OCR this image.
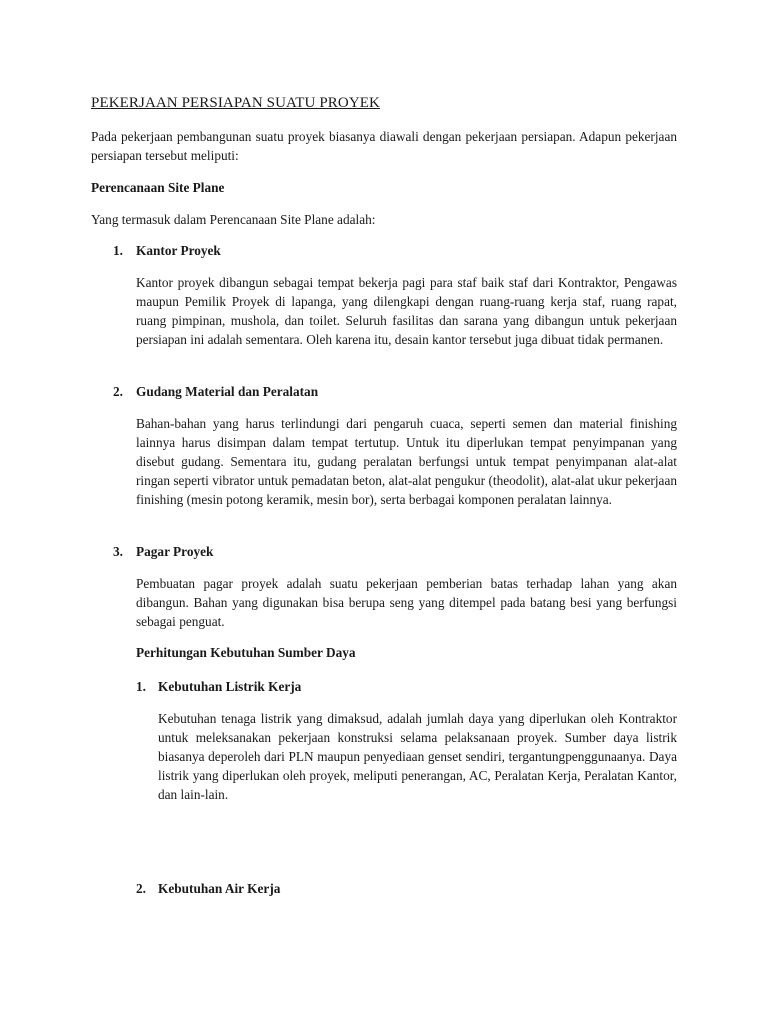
PEKERJAAN PERSIAPAN SUATU PROYEK

Pada pekerjaan pembangunan suatu proyek biasanya diawali dengan pekerjaan persiapan. Adapun pekerjaan persiapan tersebut meliputi:

Perencanaan Site Plane

Yang termasuk dalam Perencanaan Site Plane adalah:

1. Kantor Proyek

Kantor proyek dibangun sebagai tempat bekerja pagi para staf baik staf dari Kontraktor, Pengawas maupun Pemilik Proyek di lapanga, yang dilengkapi dengan ruang-ruang kerja staf, ruang rapat, ruang pimpinan, mushola, dan toilet. Seluruh fasilitas dan sarana yang dibangun untuk pekerjaan persiapan ini adalah sementara. Oleh karena itu, desain kantor tersebut juga dibuat tidak permanen.

2. Gudang Material dan Peralatan

Bahan-bahan yang harus terlindungi dari pengaruh cuaca, seperti semen dan material finishing lainnya harus disimpan dalam tempat tertutup. Untuk itu diperlukan tempat penyimpanan yang disebut gudang. Sementara itu, gudang peralatan berfungsi untuk tempat penyimpanan alat-alat ringan seperti vibrator untuk pemadatan beton, alat-alat pengukur (theodolit), alat-alat ukur pekerjaan finishing (mesin potong keramik, mesin bor), serta berbagai komponen peralatan lainnya.

3. Pagar Proyek

Pembuatan pagar proyek adalah suatu pekerjaan pemberian batas terhadap lahan yang akan dibangun. Bahan yang digunakan bisa berupa seng yang ditempel pada batang besi yang berfungsi sebagai penguat.

Perhitungan Kebutuhan Sumber Daya

1. Kebutuhan Listrik Kerja

Kebutuhan tenaga listrik yang dimaksud, adalah jumlah daya yang diperlukan oleh Kontraktor untuk meleksanakan pekerjaan konstruksi selama pelaksanaan proyek. Sumber daya listrik biasanya deperoleh dari PLN maupun penyediaan genset sendiri, tergantungpenggunaanya. Daya listrik yang diperlukan oleh proyek, meliputi penerangan, AC, Peralatan Kerja, Peralatan Kantor, dan lain-lain.

2. Kebutuhan Air Kerja
